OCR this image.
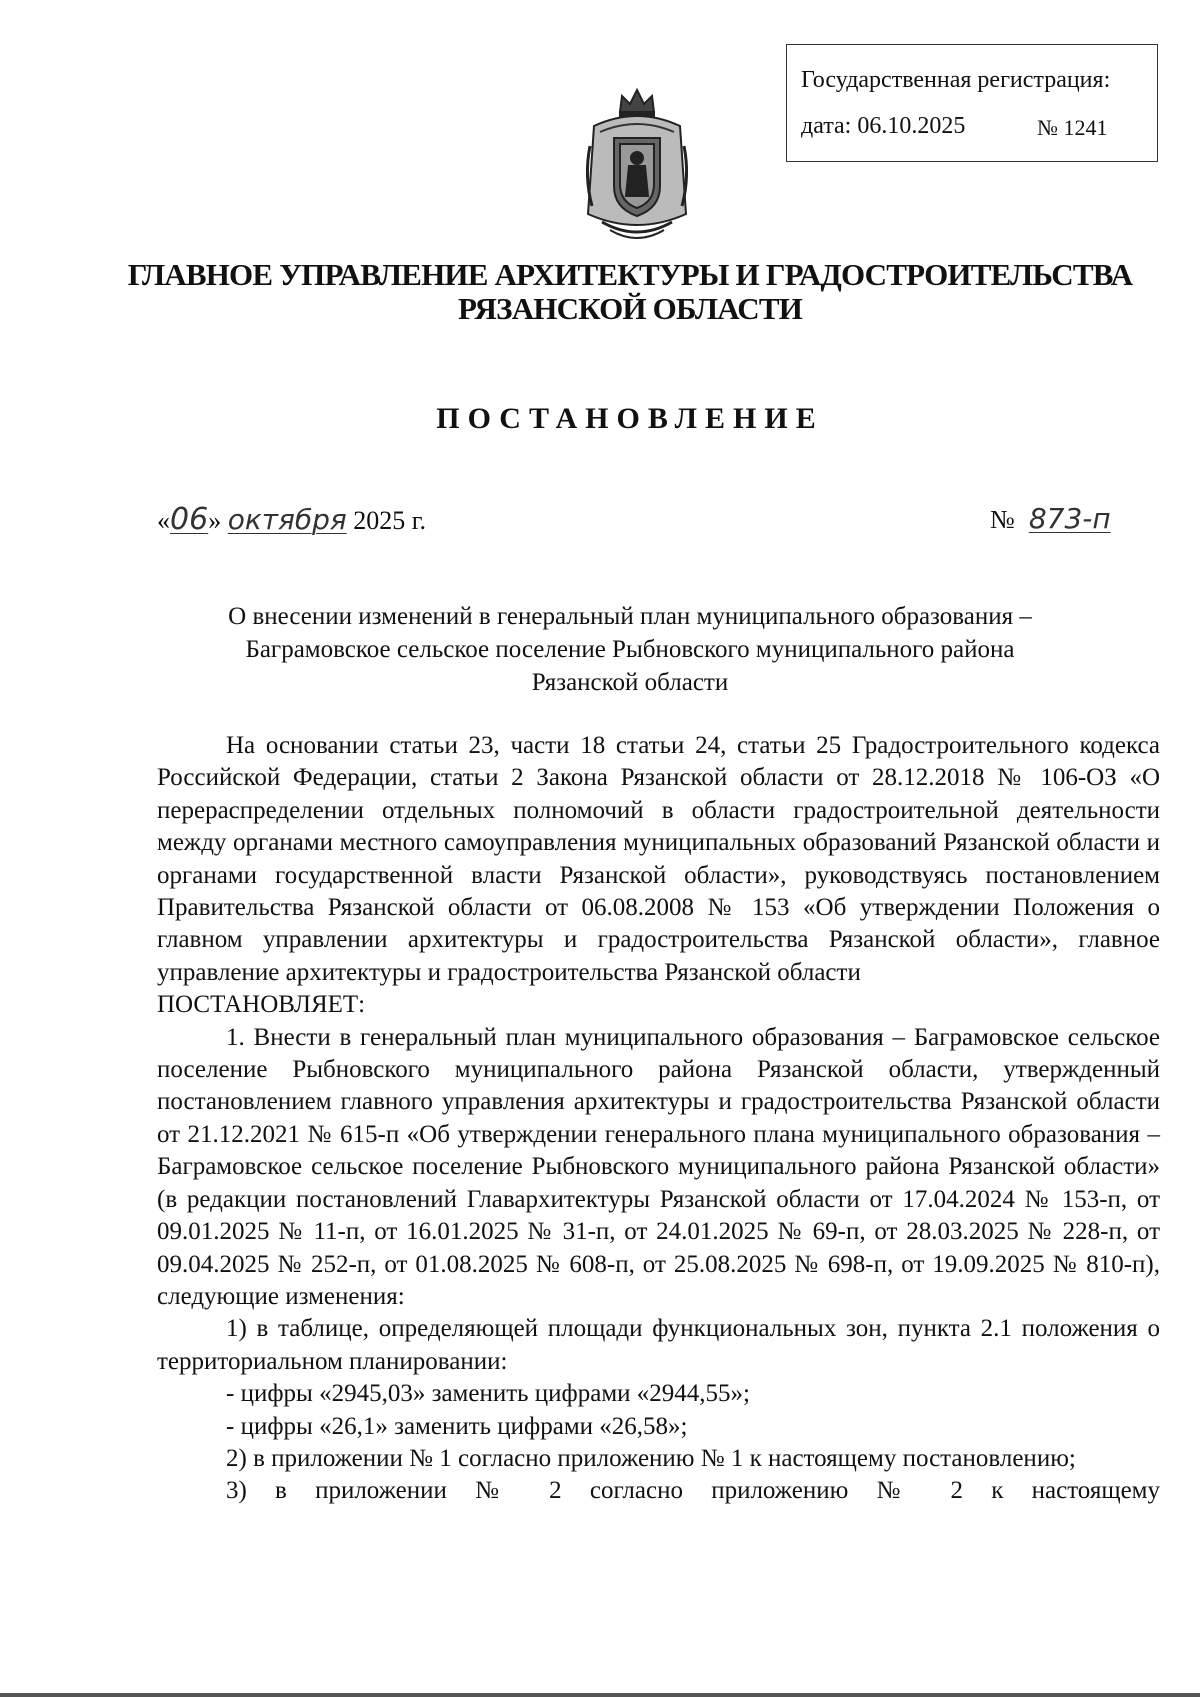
Государственная регистрация:
дата: 06.10.2025	№ 1241
ГЛАВНОЕ УПРАВЛЕНИЕ АРХИТЕКТУРЫ И ГРАДОСТРОИТЕЛЬСТВА
РЯЗАНСКОЙ ОБЛАСТИ
ПОСТАНОВЛЕНИЕ
«06» октября 2025 г.	№ 873-п
О внесении изменений в генеральный план муниципального образования –
Баграмовское сельское поселение Рыбновского муниципального района
Рязанской области

На основании статьи 23, части 18 статьи 24, статьи 25 Градостроительного кодекса Российской Федерации, статьи 2 Закона Рязанской области от 28.12.2018 № 106-ОЗ «О перераспределении отдельных полномочий в области градостроительной деятельности между органами местного самоуправления муниципальных образований Рязанской области и органами государственной власти Рязанской области», руководствуясь постановлением Правительства Рязанской области от 06.08.2008 № 153 «Об утверждении Положения о главном управлении архитектуры и градостроительства Рязанской области», главное управление архитектуры и градостроительства Рязанской области

ПОСТАНОВЛЯЕТ:

1. Внести в генеральный план муниципального образования – Баграмовское сельское поселение Рыбновского муниципального района Рязанской области, утвержденный постановлением главного управления архитектуры и градостроительства Рязанской области от 21.12.2021 № 615-п «Об утверждении генерального плана муниципального образования – Баграмовское сельское поселение Рыбновского муниципального района Рязанской области» (в редакции постановлений Главархитектуры Рязанской области от 17.04.2024 № 153-п, от 09.01.2025 № 11-п, от 16.01.2025 № 31-п, от 24.01.2025 № 69-п, от 28.03.2025 № 228-п, от 09.04.2025 № 252-п, от 01.08.2025 № 608-п, от 25.08.2025 № 698-п, от 19.09.2025 № 810-п), следующие изменения:

1) в таблице, определяющей площади функциональных зон, пункта 2.1 положения о территориальном планировании:

- цифры «2945,03» заменить цифрами «2944,55»;

- цифры «26,1» заменить цифрами «26,58»;

2) в приложении № 1 согласно приложению № 1 к настоящему постановлению;

3) в приложении № 2 согласно приложению № 2 к настоящему
